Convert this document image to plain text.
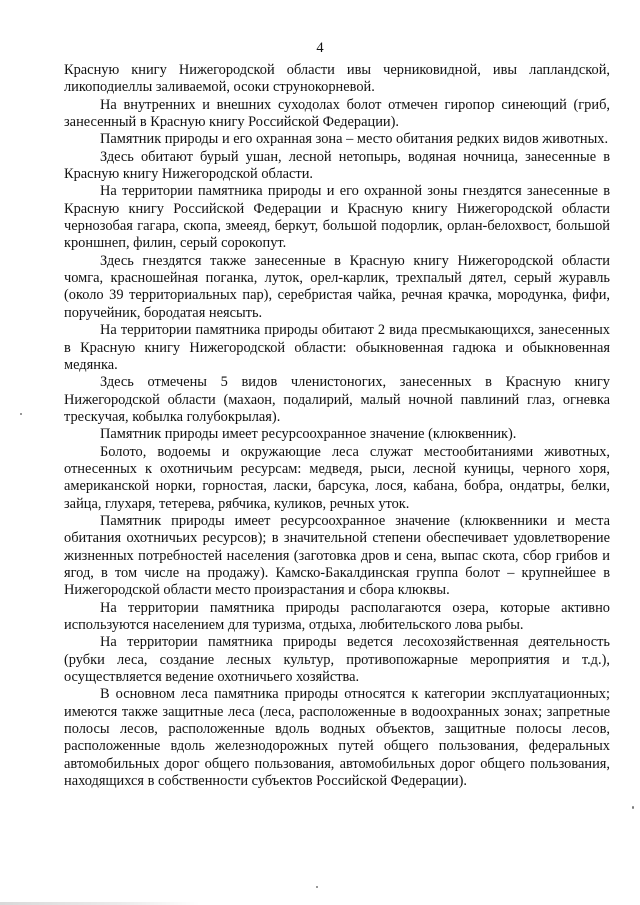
4

Красную книгу Нижегородской области ивы черниковидной, ивы лапландской, ликоподиеллы заливаемой, осоки струнокорневой.

На внутренних и внешних суходолах болот отмечен гиропор синеющий (гриб, занесенный в Красную книгу Российской Федерации).

Памятник природы и его охранная зона – место обитания редких видов животных.

Здесь обитают бурый ушан, лесной нетопырь, водяная ночница, занесенные в Красную книгу Нижегородской области.

На территории памятника природы и его охранной зоны гнездятся занесенные в Красную книгу Российской Федерации и Красную книгу Нижегородской области чернозобая гагара, скопа, змееяд, беркут, большой подорлик, орлан-белохвост, большой кроншнеп, филин, серый сорокопут.

Здесь гнездятся также занесенные в Красную книгу Нижегородской области чомга, красношейная поганка, луток, орел-карлик, трехпалый дятел, серый журавль (около 39 территориальных пар), серебристая чайка, речная крачка, мородунка, фифи, поручейник, бородатая неясыть.

На территории памятника природы обитают 2 вида пресмыкающихся, занесенных в Красную книгу Нижегородской области: обыкновенная гадюка и обыкновенная медянка.

Здесь отмечены 5 видов членистоногих, занесенных в Красную книгу Нижегородской области (махаон, подалирий, малый ночной павлиний глаз, огневка трескучая, кобылка голубокрылая).

Памятник природы имеет ресурсоохранное значение (клюквенник).

Болото, водоемы и окружающие леса служат местообитаниями животных, отнесенных к охотничьим ресурсам: медведя, рыси, лесной куницы, черного хоря, американской норки, горностая, ласки, барсука, лося, кабана, бобра, ондатры, белки, зайца, глухаря, тетерева, рябчика, куликов, речных уток.

Памятник природы имеет ресурсоохранное значение (клюквенники и места обитания охотничьих ресурсов); в значительной степени обеспечивает удовлетворение жизненных потребностей населения (заготовка дров и сена, выпас скота, сбор грибов и ягод, в том числе на продажу). Камско-Бакалдинская группа болот – крупнейшее в Нижегородской области место произрастания и сбора клюквы.

На территории памятника природы располагаются озера, которые активно используются населением для туризма, отдыха, любительского лова рыбы.

На территории памятника природы ведется лесохозяйственная деятельность (рубки леса, создание лесных культур, противопожарные мероприятия и т.д.), осуществляется ведение охотничьего хозяйства.

В основном леса памятника природы относятся к категории эксплуатационных; имеются также защитные леса (леса, расположенные в водоохранных зонах; запретные полосы лесов, расположенные вдоль водных объектов, защитные полосы лесов, расположенные вдоль железнодорожных путей общего пользования, федеральных автомобильных дорог общего пользования, автомобильных дорог общего пользования, находящихся в собственности субъектов Российской Федерации).
